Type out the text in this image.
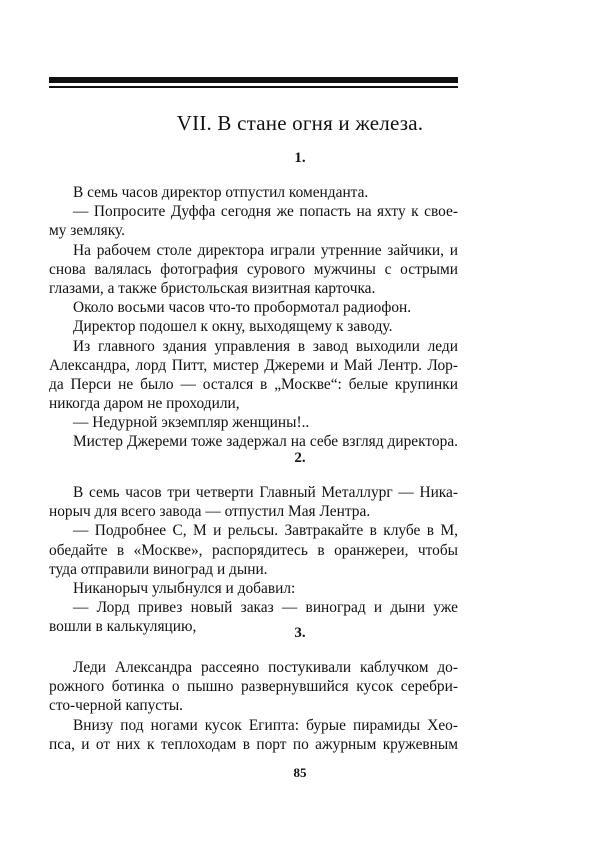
VII. В стане огня и железа.
1.
В семь часов директор отпустил коменданта.
— Попросите Дуффа сегодня же попасть на яхту к свое-
му земляку.
На рабочем столе директора играли утренние зайчики, и
снова валялась фотография сурового мужчины с острыми
глазами, а также бристольская визитная карточка.
Около восьми часов что-то пробормотал радиофон.
Директор подошел к окну, выходящему к заводу.
Из главного здания управления в завод выходили леди
Александра, лорд Питт, мистер Джереми и Май Лентр. Лор-
да Перси не было — остался в „Москве“: белые крупинки
никогда даром не проходили,
— Недурной экземпляр женщины!..
Мистер Джереми тоже задержал на себе взгляд директора.
2.
В семь часов три четверти Главный Металлург — Ника-
норыч для всего завода — отпустил Мая Лентра.
— Подробнее С, М и рельсы. Завтракайте в клубе в М,
обедайте в «Москве», распорядитесь в оранжереи, чтобы
туда отправили виноград и дыни.
Никанорыч улыбнулся и добавил:
— Лорд привез новый заказ — виноград и дыни уже
вошли в калькуляцию,	3.
Леди Александра рассеяно постукивали каблучком до-
рожного ботинка о пышно развернувшийся кусок серебри-
сто-черной капусты.
Внизу под ногами кусок Египта: бурые пирамиды Хео-
пса, и от них к теплоходам в порт по ажурным кружевным
85
